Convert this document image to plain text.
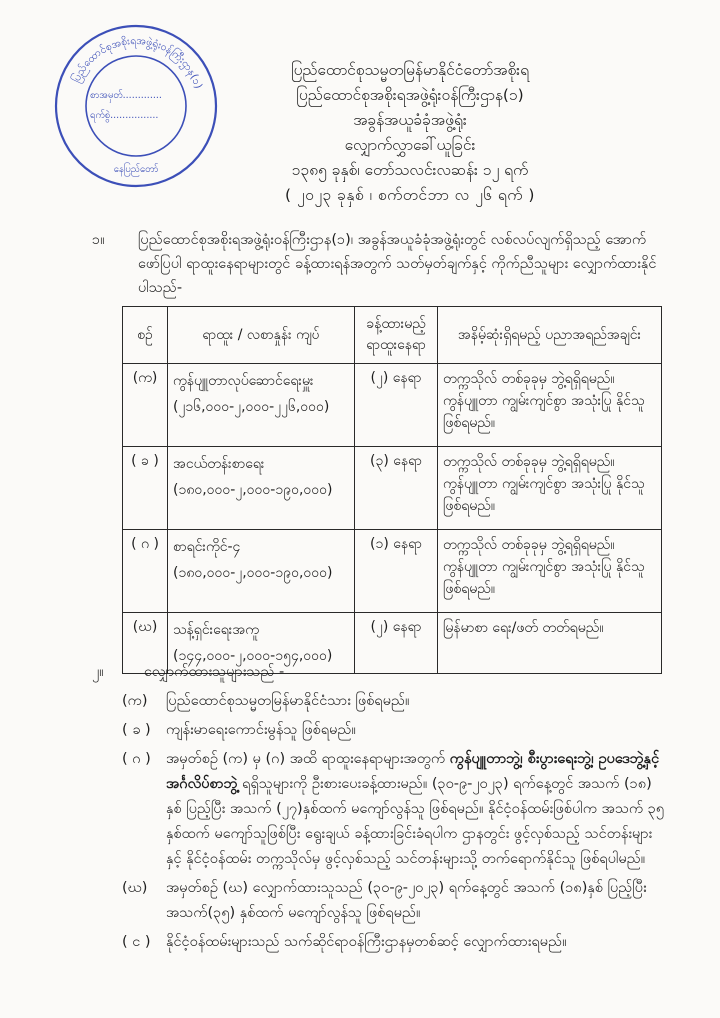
ပြည်ထောင်စုအစိုးရအဖွဲ့ရုံးဝန်ကြီးဌာန(၁)
စာအမှတ်.............
ရက်စွဲ................
နေပြည်တော်
ပြည်ထောင်စုသမ္မတမြန်မာနိုင်ငံတော်အစိုးရ
ပြည်ထောင်စုအစိုးရအဖွဲ့ရုံးဝန်ကြီးဌာန(၁)
အခွန်အယူခံခုံအဖွဲ့ရုံး
လျှောက်လွှာခေါ်ယူခြင်း
၁၃၈၅ ခုနှစ်၊ တော်သလင်းလဆန်း ၁၂ ရက်
( ၂၀၂၃ ခုနှစ် ၊ စက်တင်ဘာ လ ၂၆ ရက် )
၁။ ပြည်ထောင်စုအစိုးရအဖွဲ့ရုံးဝန်ကြီးဌာန(၁)၊ အခွန်အယူခံခုံအဖွဲ့ရုံးတွင် လစ်လပ်လျက်ရှိသည့် အောက်ဖော်ပြပါ ရာထူးနေရာများတွင် ခန့်ထားရန်အတွက် သတ်မှတ်ချက်နှင့် ကိုက်ညီသူများ လျှောက်ထားနိုင်ပါသည်-
စဉ်	ရာထူး / လစာနှုန်း ကျပ်	ခန့်ထားမည့် ရာထူးနေရာ	အနိမ့်ဆုံးရှိရမည့် ပညာအရည်အချင်း
(က)	ကွန်ပျူတာလုပ်ဆောင်ရေးမှူး
(၂၁၆,၀၀၀-၂,၀၀၀-၂၂၆,၀၀၀)	(၂) နေရာ	တက္ကသိုလ် တစ်ခုခုမှ ဘွဲ့ရရှိရမည်။ ကွန်ပျူတာ ကျွမ်းကျင်စွာ အသုံးပြု နိုင်သူ ဖြစ်ရမည်။
( ခ )	အငယ်တန်းစာရေး
(၁၈၀,၀၀၀-၂,၀၀၀-၁၉၀,၀၀၀)	(၃) နေရာ	တက္ကသိုလ် တစ်ခုခုမှ ဘွဲ့ရရှိရမည်။ ကွန်ပျူတာ ကျွမ်းကျင်စွာ အသုံးပြု နိုင်သူ ဖြစ်ရမည်။
( ဂ )	စာရင်းကိုင်-၄
(၁၈၀,၀၀၀-၂,၀၀၀-၁၉၀,၀၀၀)	(၁) နေရာ	တက္ကသိုလ် တစ်ခုခုမှ ဘွဲ့ရရှိရမည်။ ကွန်ပျူတာ ကျွမ်းကျင်စွာ အသုံးပြု နိုင်သူ ဖြစ်ရမည်။
(ဃ)	သန့်ရှင်းရေးအကူ
(၁၄၄,၀၀၀-၂,၀၀၀-၁၅၄,၀၀၀)	(၂) နေရာ	မြန်မာစာ ရေး/ဖတ် တတ်ရမည်။
၂။	လျှောက်ထားသူများသည် -
(က)	ပြည်ထောင်စုသမ္မတမြန်မာနိုင်ငံသား ဖြစ်ရမည်။
( ခ )	ကျန်းမာရေးကောင်းမွန်သူ ဖြစ်ရမည်။
( ဂ )	အမှတ်စဉ် (က) မှ (ဂ) အထိ ရာထူးနေရာများအတွက် ကွန်ပျူတာဘွဲ့၊ စီးပွားရေးဘွဲ့၊ ဥပဒေဘွဲ့နှင့် အင်္ဂလိပ်စာဘွဲ့ ရရှိသူများကို ဦးစားပေးခန့်ထားမည်။ (၃၀-၉-၂၀၂၃) ရက်နေ့တွင် အသက် (၁၈) နှစ် ပြည့်ပြီး အသက် (၂၇)နှစ်ထက် မကျော်လွန်သူ ဖြစ်ရမည်။ နိုင်ငံ့ဝန်ထမ်းဖြစ်ပါက အသက် ၃၅ နှစ်ထက် မကျော်သူဖြစ်ပြီး ရွေးချယ် ခန့်ထားခြင်းခံရပါက ဌာနတွင်း ဖွင့်လှစ်သည့် သင်တန်းများနှင့် နိုင်ငံ့ဝန်ထမ်း တက္ကသိုလ်မှ ဖွင့်လှစ်သည့် သင်တန်းများသို့ တက်ရောက်နိုင်သူ ဖြစ်ရပါမည်။
(ဃ)	အမှတ်စဉ် (ဃ) လျှောက်ထားသူသည် (၃၀-၉-၂၀၂၃) ရက်နေ့တွင် အသက် (၁၈)နှစ် ပြည့်ပြီး အသက်(၃၅) နှစ်ထက် မကျော်လွန်သူ ဖြစ်ရမည်။
( င )	နိုင်ငံ့ဝန်ထမ်းများသည် သက်ဆိုင်ရာဝန်ကြီးဌာနမှတစ်ဆင့် လျှောက်ထားရမည်။
